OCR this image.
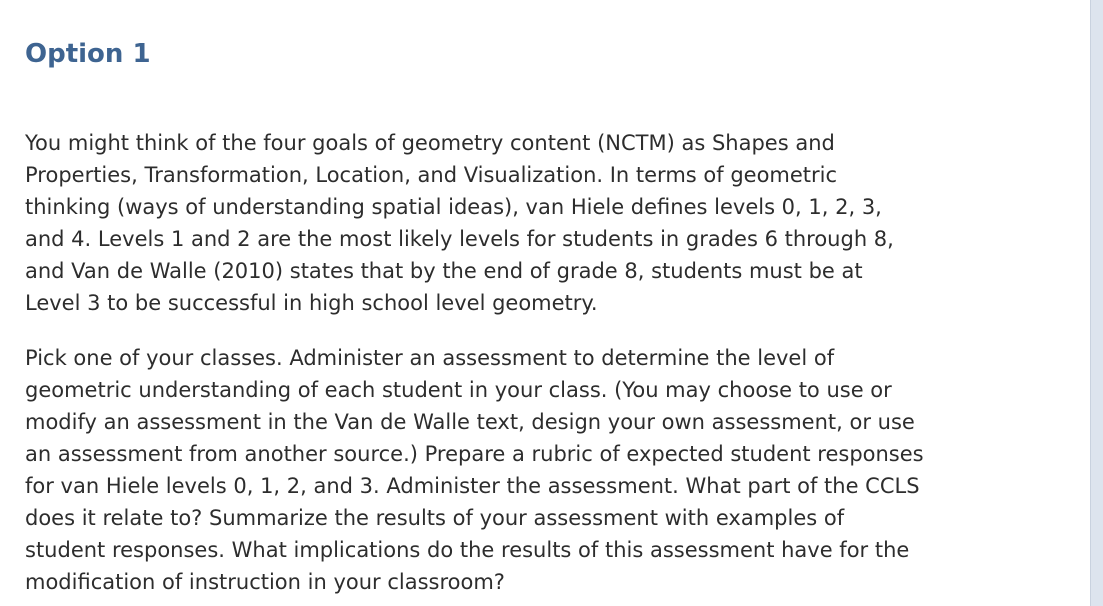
Option 1

You might think of the four goals of geometry content (NCTM) as Shapes and
Properties, Transformation, Location, and Visualization. In terms of geometric
thinking (ways of understanding spatial ideas), van Hiele defines levels 0, 1, 2, 3,
and 4. Levels 1 and 2 are the most likely levels for students in grades 6 through 8,
and Van de Walle (2010) states that by the end of grade 8, students must be at
Level 3 to be successful in high school level geometry.

Pick one of your classes. Administer an assessment to determine the level of
geometric understanding of each student in your class. (You may choose to use or
modify an assessment in the Van de Walle text, design your own assessment, or use
an assessment from another source.) Prepare a rubric of expected student responses
for van Hiele levels 0, 1, 2, and 3. Administer the assessment. What part of the CCLS
does it relate to? Summarize the results of your assessment with examples of
student responses. What implications do the results of this assessment have for the
modification of instruction in your classroom?
